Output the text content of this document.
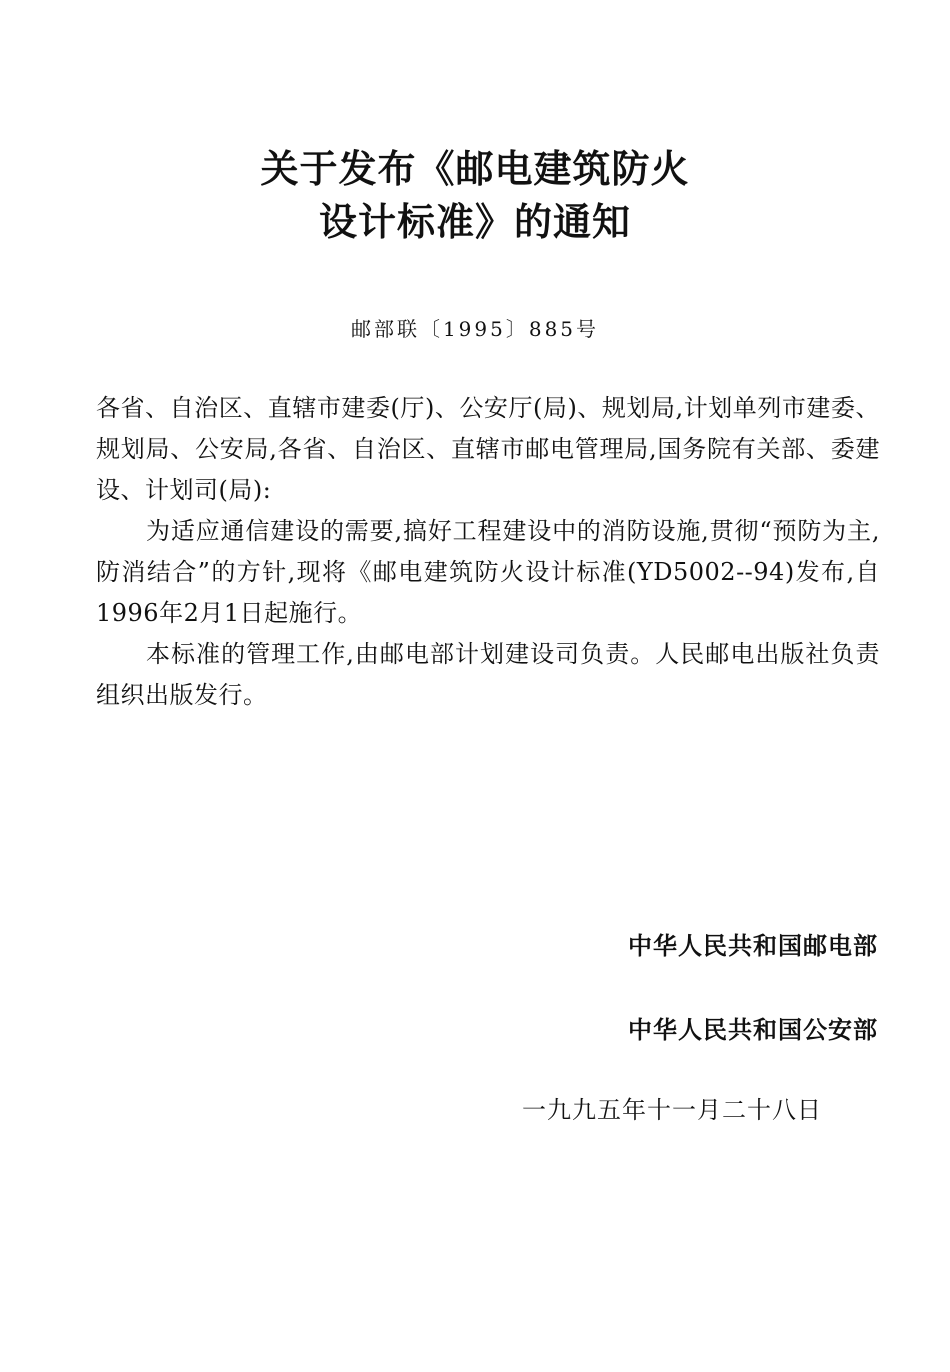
关于发布《邮电建筑防火
设计标准》的通知
邮部联〔1995〕885号
各省、自治区、直辖市建委(厅)、公安厅(局)、规划局,计划单列市建委、规划局、公安局,各省、自治区、直辖市邮电管理局,国务院有关部、委建设、计划司(局):
为适应通信建设的需要,搞好工程建设中的消防设施,贯彻“预防为主,防消结合”的方针,现将《邮电建筑防火设计标准(YD5002--94)发布,自1996年2月1日起施行。
本标准的管理工作,由邮电部计划建设司负责。人民邮电出版社负责组织出版发行。
中华人民共和国邮电部
中华人民共和国公安部
一九九五年十一月二十八日
